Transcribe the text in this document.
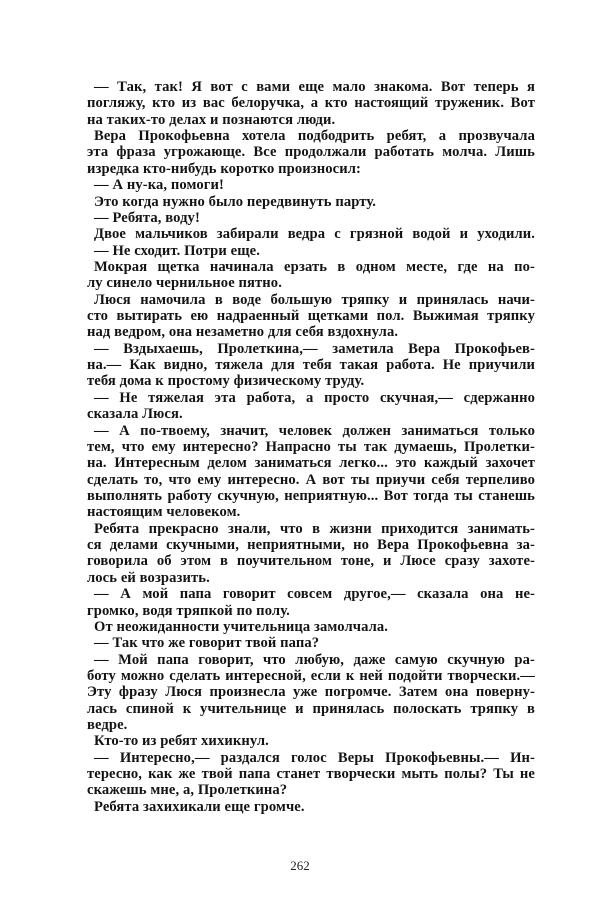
— Так, так! Я вот с вами еще мало знакома. Вот теперь я
погляжу, кто из вас белоручка, а кто настоящий труженик. Вот
на таких-то делах и познаются люди.
Вера Прокофьевна хотела подбодрить ребят, а прозвучала
эта фраза угрожающе. Все продолжали работать молча. Лишь
изредка кто-нибудь коротко произносил:
— А ну-ка, помоги!
Это когда нужно было передвинуть парту.
— Ребята, воду!
Двое мальчиков забирали ведра с грязной водой и уходили.
— Не сходит. Потри еще.
Мокрая щетка начинала ерзать в одном месте, где на по-
лу синело чернильное пятно.
Люся намочила в воде большую тряпку и принялась начи-
сто вытирать ею надраенный щетками пол. Выжимая тряпку
над ведром, она незаметно для себя вздохнула.
— Вздыхаешь, Пролеткина,— заметила Вера Прокофьев-
на.— Как видно, тяжела для тебя такая работа. Не приучили
тебя дома к простому физическому труду.
— Не тяжелая эта работа, а просто скучная,— сдержанно
сказала Люся.
— А по-твоему, значит, человек должен заниматься только
тем, что ему интересно? Напрасно ты так думаешь, Пролетки-
на. Интересным делом заниматься легко... это каждый захочет
сделать то, что ему интересно. А вот ты приучи себя терпеливо
выполнять работу скучную, неприятную... Вот тогда ты станешь
настоящим человеком.
Ребята прекрасно знали, что в жизни приходится занимать-
ся делами скучными, неприятными, но Вера Прокофьевна за-
говорила об этом в поучительном тоне, и Люсе сразу захоте-
лось ей возразить.
— А мой папа говорит совсем другое,— сказала она не-
громко, водя тряпкой по полу.
От неожиданности учительница замолчала.
— Так что же говорит твой папа?
— Мой папа говорит, что любую, даже самую скучную ра-
боту можно сделать интересной, если к ней подойти творчески.—
Эту фразу Люся произнесла уже погромче. Затем она поверну-
лась спиной к учительнице и принялась полоскать тряпку в
ведре.
Кто-то из ребят хихикнул.
— Интересно,— раздался голос Веры Прокофьевны.— Ин-
тересно, как же твой папа станет творчески мыть полы? Ты не
скажешь мне, а, Пролеткина?
Ребята захихикали еще громче.
262
